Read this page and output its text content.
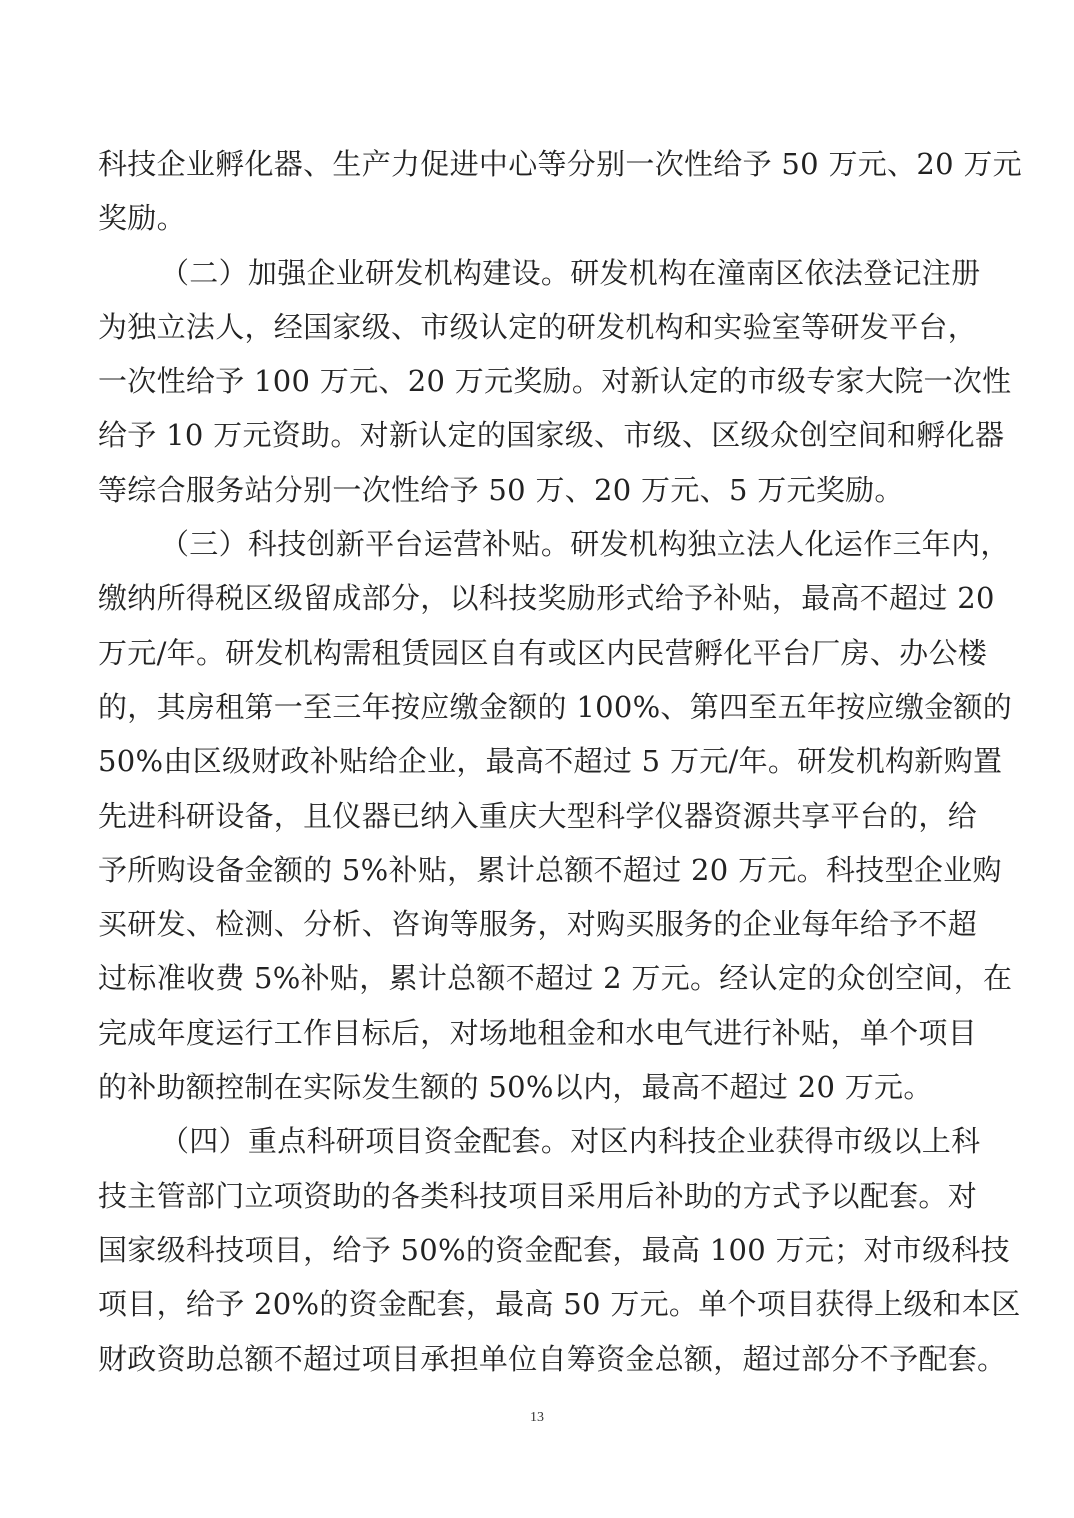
科技企业孵化器、生产力促进中心等分别一次性给予 50 万元、20 万元
奖励。
（二）加强企业研发机构建设。研发机构在潼南区依法登记注册
为独立法人，经国家级、市级认定的研发机构和实验室等研发平台，
一次性给予 100 万元、20 万元奖励。对新认定的市级专家大院一次性
给予 10 万元资助。对新认定的国家级、市级、区级众创空间和孵化器
等综合服务站分别一次性给予 50 万、20 万元、5 万元奖励。
（三）科技创新平台运营补贴。研发机构独立法人化运作三年内，
缴纳所得税区级留成部分，以科技奖励形式给予补贴，最高不超过 20
万元/年。研发机构需租赁园区自有或区内民营孵化平台厂房、办公楼
的，其房租第一至三年按应缴金额的 100%、第四至五年按应缴金额的
50%由区级财政补贴给企业，最高不超过 5 万元/年。研发机构新购置
先进科研设备，且仪器已纳入重庆大型科学仪器资源共享平台的，给
予所购设备金额的 5%补贴，累计总额不超过 20 万元。科技型企业购
买研发、检测、分析、咨询等服务，对购买服务的企业每年给予不超
过标准收费 5%补贴，累计总额不超过 2 万元。经认定的众创空间，在
完成年度运行工作目标后，对场地租金和水电气进行补贴，单个项目
的补助额控制在实际发生额的 50%以内，最高不超过 20 万元。
（四）重点科研项目资金配套。对区内科技企业获得市级以上科
技主管部门立项资助的各类科技项目采用后补助的方式予以配套。对
国家级科技项目，给予 50%的资金配套，最高 100 万元；对市级科技
项目，给予 20%的资金配套，最高 50 万元。单个项目获得上级和本区
财政资助总额不超过项目承担单位自筹资金总额，超过部分不予配套。
13
